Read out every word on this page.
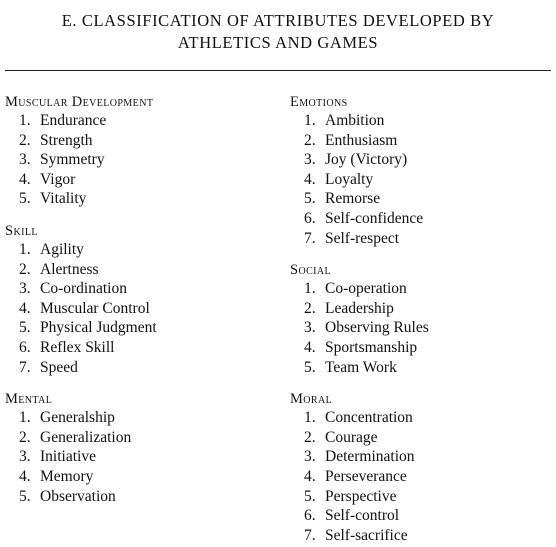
E. CLASSIFICATION OF ATTRIBUTES DEVELOPED BY
ATHLETICS AND GAMES
Muscular Development
1. Endurance
2. Strength
3. Symmetry
4. Vigor
5. Vitality
Skill
1. Agility
2. Alertness
3. Co-ordination
4. Muscular Control
5. Physical Judgment
6. Reflex Skill
7. Speed
Mental
1. Generalship
2. Generalization
3. Initiative
4. Memory
5. Observation
Emotions
1. Ambition
2. Enthusiasm
3. Joy (Victory)
4. Loyalty
5. Remorse
6. Self-confidence
7. Self-respect
Social
1. Co-operation
2. Leadership
3. Observing Rules
4. Sportsmanship
5. Team Work
Moral
1. Concentration
2. Courage
3. Determination
4. Perseverance
5. Perspective
6. Self-control
7. Self-sacrifice
